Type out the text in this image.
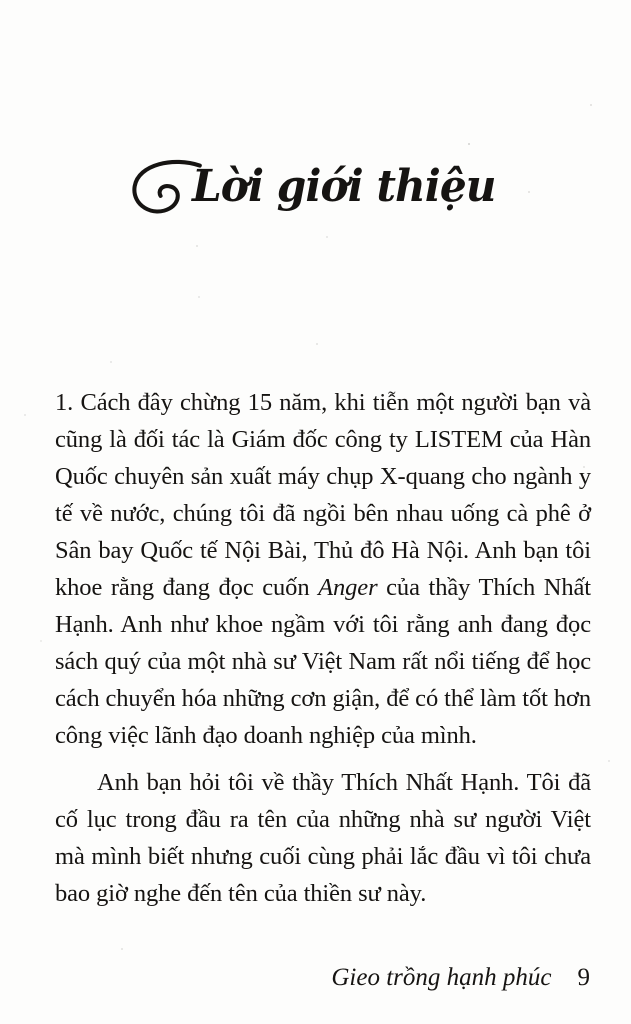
Lời giới thiệu

1. Cách đây chừng 15 năm, khi tiễn một người bạn và cũng là đối tác là Giám đốc công ty LISTEM của Hàn Quốc chuyên sản xuất máy chụp X-quang cho ngành y tế về nước, chúng tôi đã ngồi bên nhau uống cà phê ở Sân bay Quốc tế Nội Bài, Thủ đô Hà Nội. Anh bạn tôi khoe rằng đang đọc cuốn Anger của thầy Thích Nhất Hạnh. Anh như khoe ngầm với tôi rằng anh đang đọc sách quý của một nhà sư Việt Nam rất nổi tiếng để học cách chuyển hóa những cơn giận, để có thể làm tốt hơn công việc lãnh đạo doanh nghiệp của mình.

Anh bạn hỏi tôi về thầy Thích Nhất Hạnh. Tôi đã cố lục trong đầu ra tên của những nhà sư người Việt mà mình biết nhưng cuối cùng phải lắc đầu vì tôi chưa bao giờ nghe đến tên của thiền sư này.

Gieo trồng hạnh phúc 9
